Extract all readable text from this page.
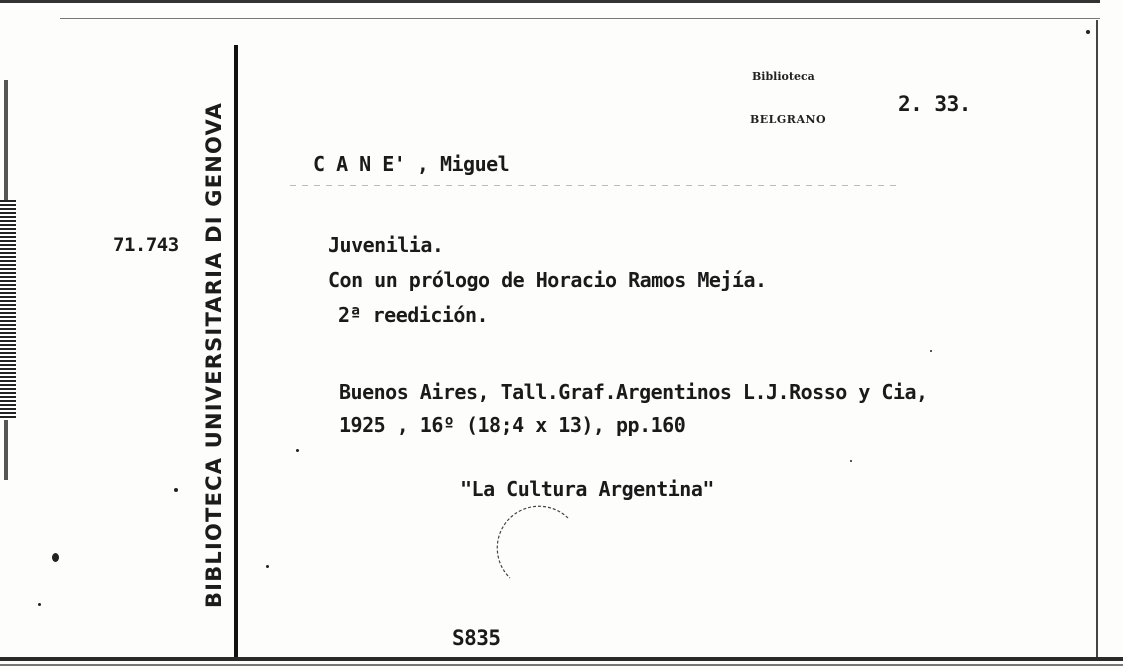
BIBLIOTECA UNIVERSITARIA DI GENOVA
Biblioteca
BELGRANO
2. 33.
C A N E' , Miguel
71.743	Juvenilia.
Con un prólogo de Horacio Ramos Mejía.
2ª reedición.
Buenos Aires, Tall.Graf.Argentinos L.J.Rosso y Cia,
1925 , 16º (18;4 x 13), pp.160
"La Cultura Argentina"
S835
